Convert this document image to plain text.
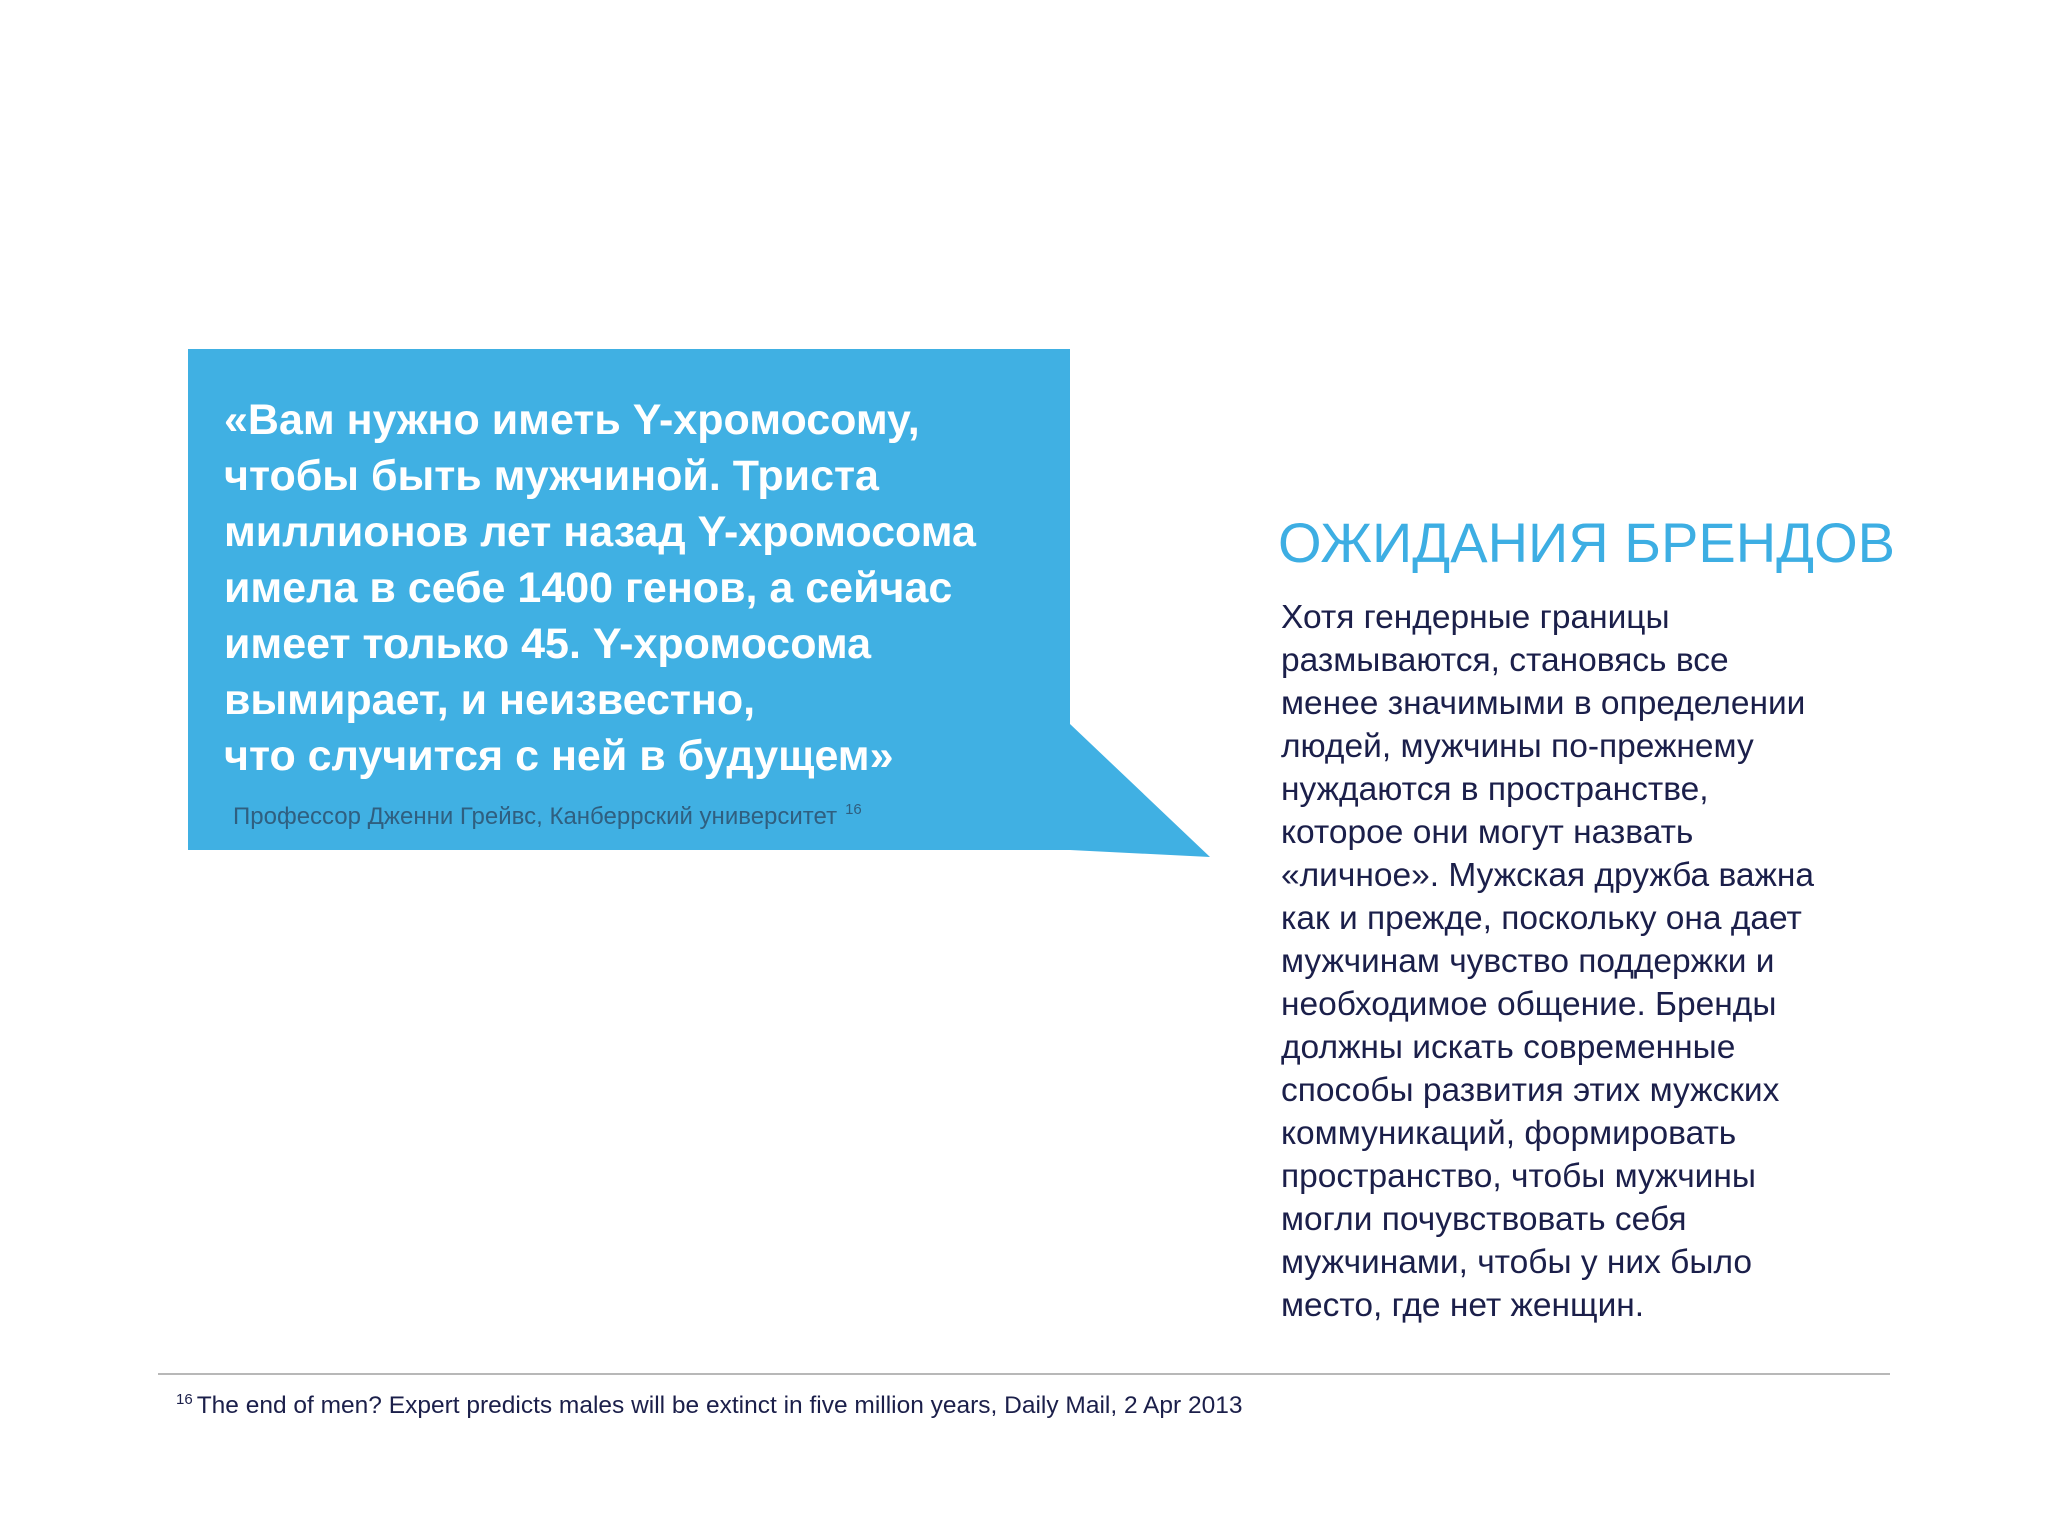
«Вам нужно иметь Y-хромосому,
чтобы быть мужчиной. Триста
миллионов лет назад Y-хромосома
имела в себе 1400 генов, а сейчас
имеет только 45. Y-хромосома
вымирает, и неизвестно,
что случится с ней в будущем»
Профессор Дженни Грейвс, Канберрский университет $^{16}$
ОЖИДАНИЯ БРЕНДОВ
Хотя гендерные границы
размываются, становясь все
менее значимыми в определении
людей, мужчины по-прежнему
нуждаются в пространстве,
которое они могут назвать
«личное». Мужская дружба важна
как и прежде, поскольку она дает
мужчинам чувство поддержки и
необходимое общение. Бренды
должны искать современные
способы развития этих мужских
коммуникаций, формировать
пространство, чтобы мужчины
могли почувствовать себя
мужчинами, чтобы у них было
место, где нет женщин.
$^{16}$ The end of men? Expert predicts males will be extinct in five million years, Daily Mail, 2 Apr 2013
